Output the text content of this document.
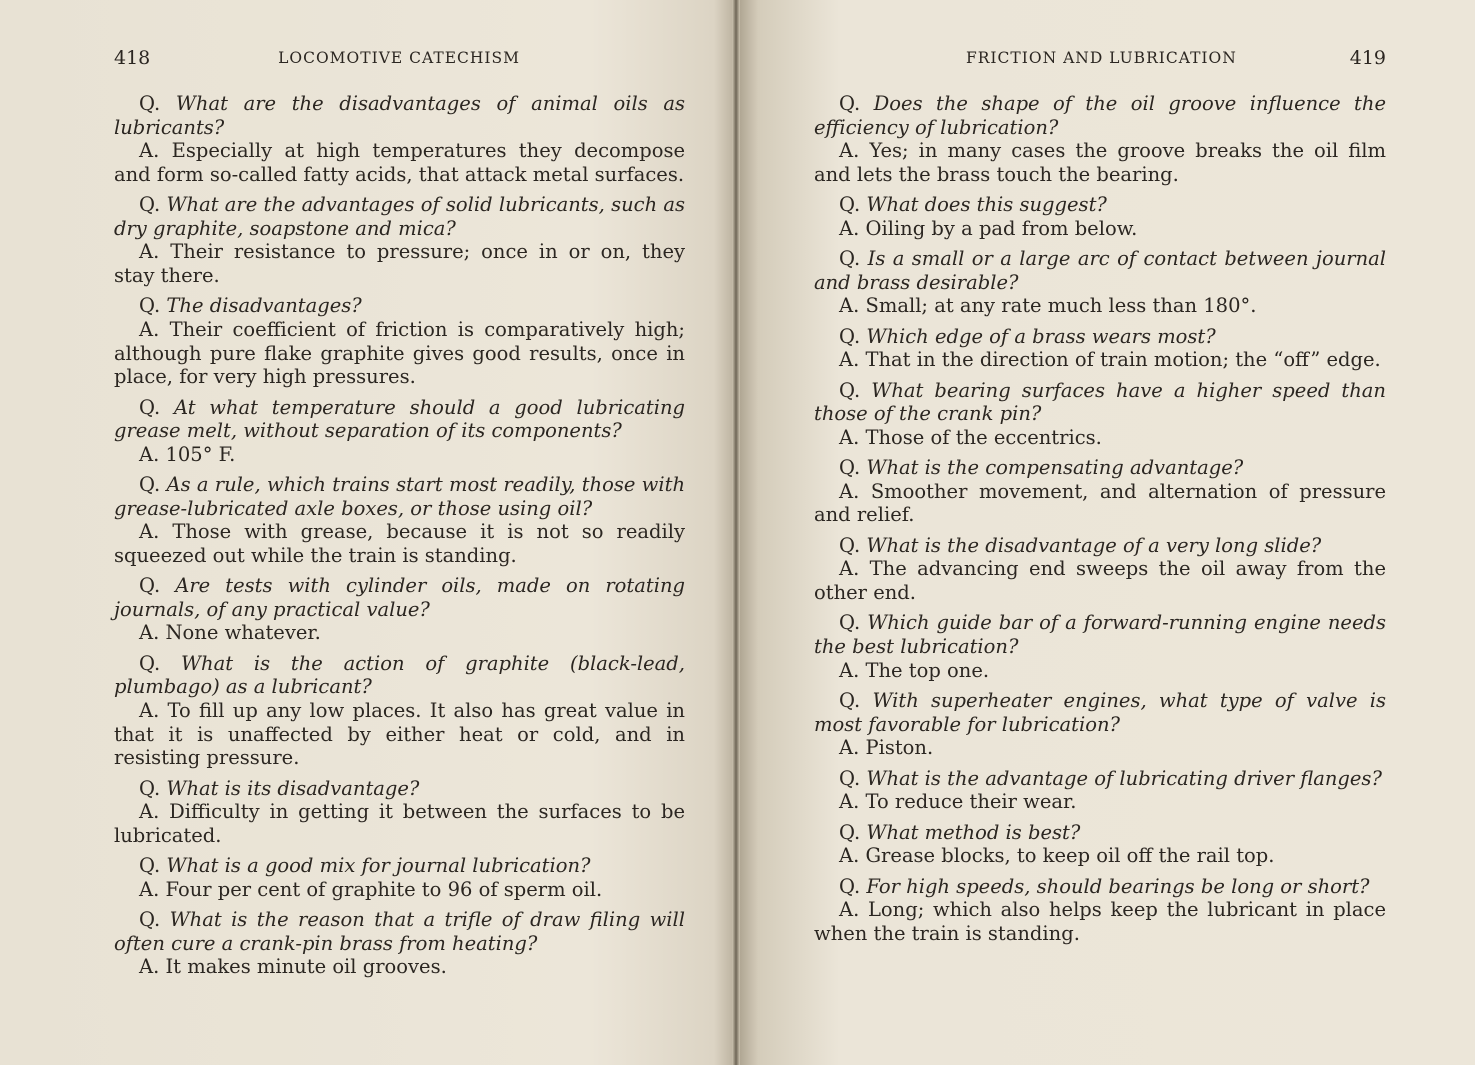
418	LOCOMOTIVE CATECHISM

Q. What are the disadvantages of animal oils as lubricants?

A. Especially at high temperatures they decompose and form so-called fatty acids, that attack metal surfaces.

Q. What are the advantages of solid lubricants, such as dry graphite, soapstone and mica?

A. Their resistance to pressure; once in or on, they stay there.

Q. The disadvantages?

A. Their coefficient of friction is comparatively high; although pure flake graphite gives good results, once in place, for very high pressures.

Q. At what temperature should a good lubricating grease melt, without separation of its components?

A. 105° F.

Q. As a rule, which trains start most readily, those with grease-lubricated axle boxes, or those using oil?

A. Those with grease, because it is not so readily squeezed out while the train is standing.

Q. Are tests with cylinder oils, made on rotating journals, of any practical value?

A. None whatever.

Q. What is the action of graphite (black-lead, plumbago) as a lubricant?

A. To fill up any low places. It also has great value in that it is unaffected by either heat or cold, and in resisting pressure.

Q. What is its disadvantage?

A. Difficulty in getting it between the surfaces to be lubricated.

Q. What is a good mix for journal lubrication?

A. Four per cent of graphite to 96 of sperm oil.

Q. What is the reason that a trifle of draw filing will often cure a crank-pin brass from heating?

A. It makes minute oil grooves.

FRICTION AND LUBRICATION	419

Q. Does the shape of the oil groove influence the efficiency of lubrication?

A. Yes; in many cases the groove breaks the oil film and lets the brass touch the bearing.

Q. What does this suggest?

A. Oiling by a pad from below.

Q. Is a small or a large arc of contact between journal and brass desirable?

A. Small; at any rate much less than 180°.

Q. Which edge of a brass wears most?

A. That in the direction of train motion; the “off” edge.

Q. What bearing surfaces have a higher speed than those of the crank pin?

A. Those of the eccentrics.

Q. What is the compensating advantage?

A. Smoother movement, and alternation of pressure and relief.

Q. What is the disadvantage of a very long slide?

A. The advancing end sweeps the oil away from the other end.

Q. Which guide bar of a forward-running engine needs the best lubrication?

A. The top one.

Q. With superheater engines, what type of valve is most favorable for lubrication?

A. Piston.

Q. What is the advantage of lubricating driver flanges?

A. To reduce their wear.

Q. What method is best?

A. Grease blocks, to keep oil off the rail top.

Q. For high speeds, should bearings be long or short?

A. Long; which also helps keep the lubricant in place when the train is standing.
